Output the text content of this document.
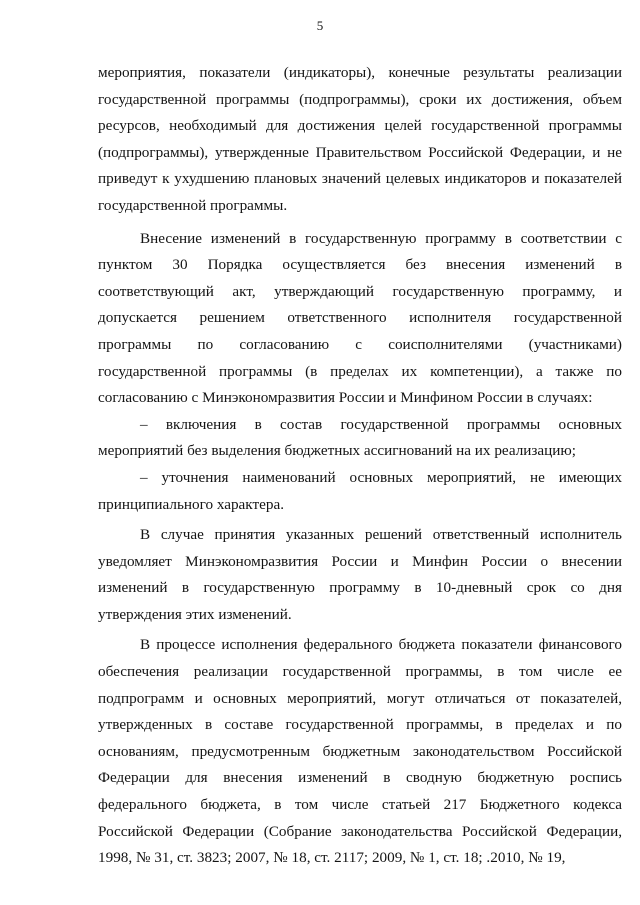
5

мероприятия, показатели (индикаторы), конечные результаты реализации государственной программы (подпрограммы), сроки их достижения, объем ресурсов, необходимый для достижения целей государственной программы (подпрограммы), утвержденные Правительством Российской Федерации, и не приведут к ухудшению плановых значений целевых индикаторов и показателей государственной программы.

Внесение изменений в государственную программу в соответствии с пунктом 30 Порядка осуществляется без внесения изменений в соответствующий акт, утверждающий государственную программу, и допускается решением ответственного исполнителя государственной программы по согласованию с соисполнителями (участниками) государственной программы (в пределах их компетенции), а также по согласованию с Минэкономразвития России и Минфином России в случаях:

– включения в состав государственной программы основных мероприятий без выделения бюджетных ассигнований на их реализацию;

– уточнения наименований основных мероприятий, не имеющих принципиального характера.

В случае принятия указанных решений ответственный исполнитель уведомляет Минэкономразвития России и Минфин России о внесении изменений в государственную программу в 10-дневный срок со дня утверждения этих изменений.

В процессе исполнения федерального бюджета показатели финансового обеспечения реализации государственной программы, в том числе ее подпрограмм и основных мероприятий, могут отличаться от показателей, утвержденных в составе государственной программы, в пределах и по основаниям, предусмотренным бюджетным законодательством Российской Федерации для внесения изменений в сводную бюджетную роспись федерального бюджета, в том числе статьей 217 Бюджетного кодекса Российской Федерации (Собрание законодательства Российской Федерации, 1998, № 31, ст. 3823; 2007, № 18, ст. 2117; 2009, № 1, ст. 18; .2010, № 19,
